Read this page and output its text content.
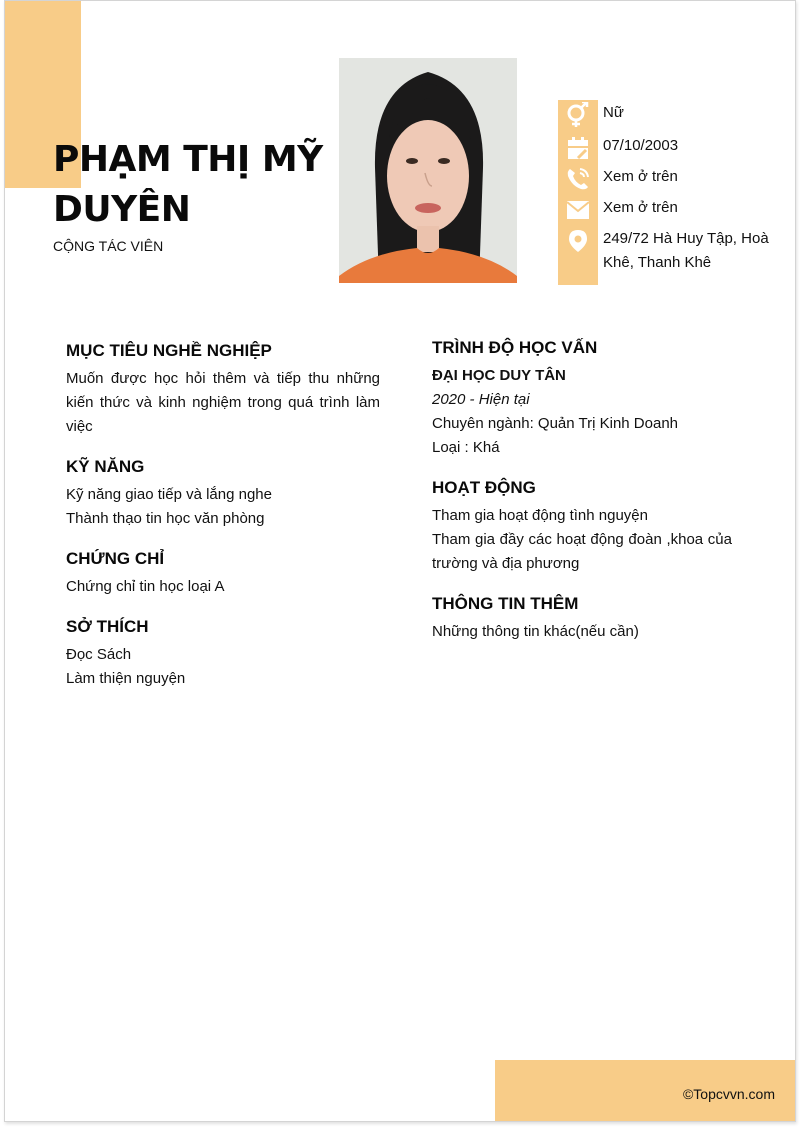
PHẠM THỊ MỸ DUYÊN
CỘNG TÁC VIÊN
Nữ
07/10/2003
Xem ở trên
Xem ở trên
249/72 Hà Huy Tập, Hoà Khê, Thanh Khê
MỤC TIÊU NGHỀ NGHIỆP
Muốn được học hỏi thêm và tiếp thu những kiến thức và kinh nghiệm trong quá trình làm việc
KỸ NĂNG
Kỹ năng giao tiếp và lắng nghe
Thành thạo tin học văn phòng
CHỨNG CHỈ
Chứng chỉ tin học loại A
SỞ THÍCH
Đọc Sách
Làm thiện nguyện
TRÌNH ĐỘ HỌC VẤN
ĐẠI HỌC DUY TÂN
2020 - Hiện tại
Chuyên ngành: Quản Trị Kinh Doanh
Loại : Khá
HOẠT ĐỘNG
Tham gia hoạt động tình nguyện
Tham gia đầy các hoạt động đoàn ,khoa của trường và địa phương
THÔNG TIN THÊM
Những thông tin khác(nếu cần)
©Topcvvn.com
